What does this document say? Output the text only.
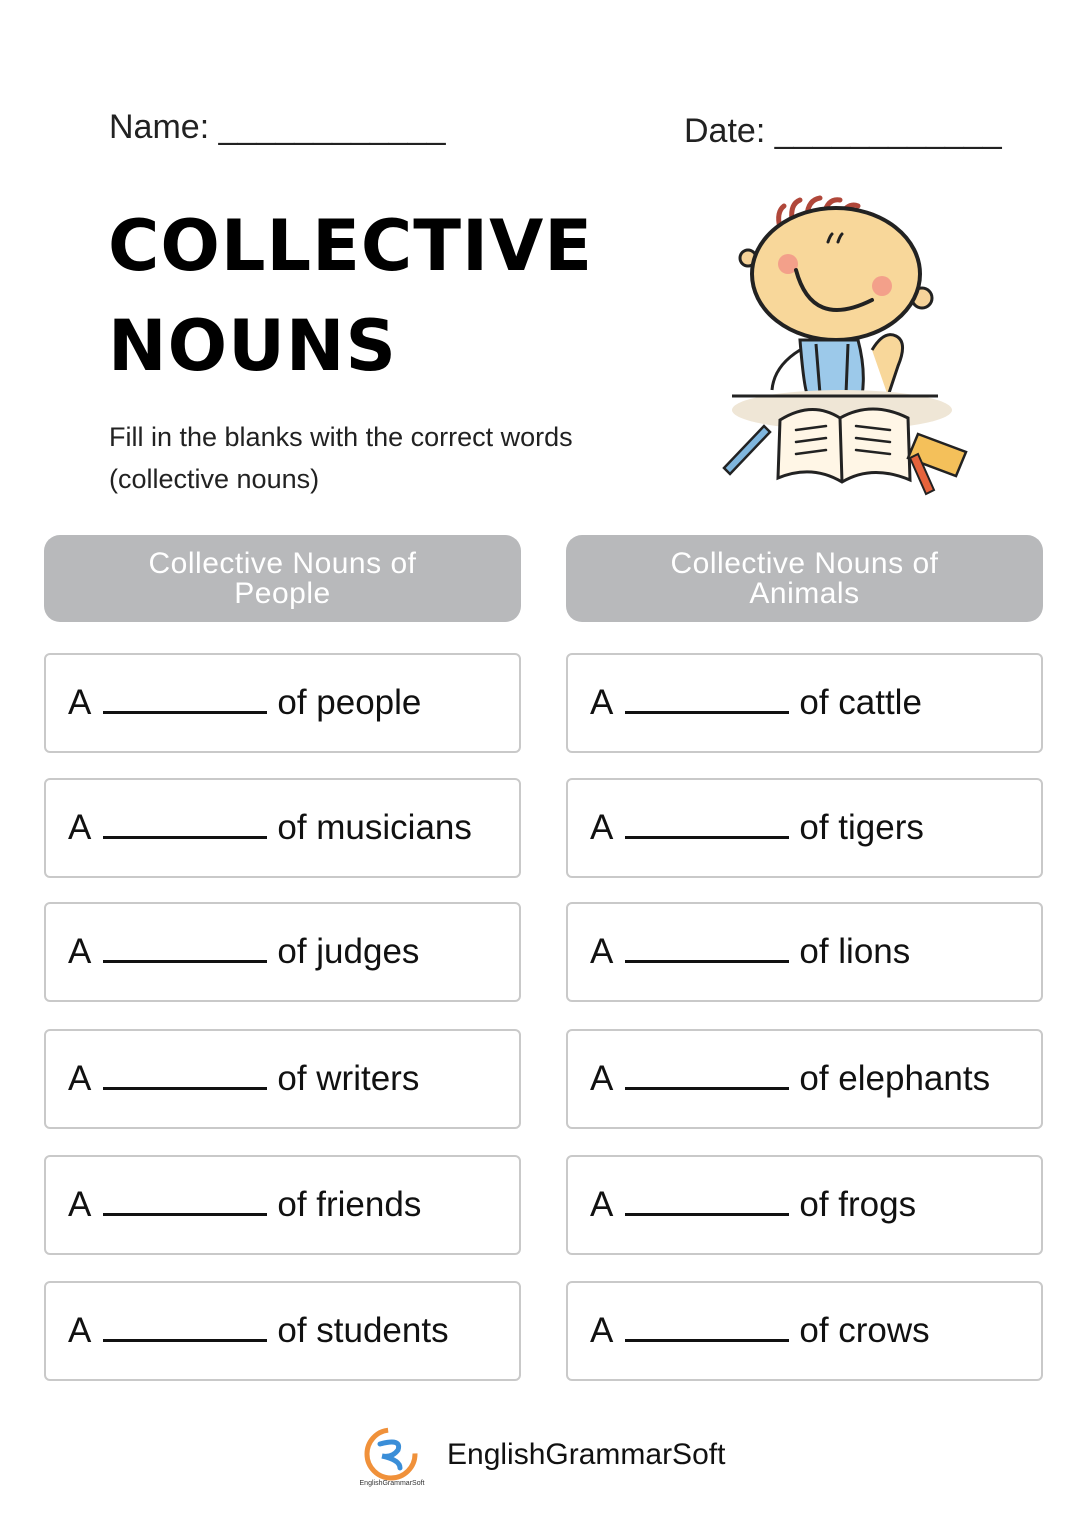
Name: ____________	Date: ____________
COLLECTIVE
NOUNS
Fill in the blanks with the correct words (collective nouns)
Collective Nouns of People
Collective Nouns of Animals
A	of people
A	of musicians
A	of judges
A	of writers
A	of friends
A	of students
A	of cattle
A	of tigers
A	of lions
A	of elephants
A	of frogs
A	of crows
EnglishGrammarSoft
EnglishGrammarSoft
